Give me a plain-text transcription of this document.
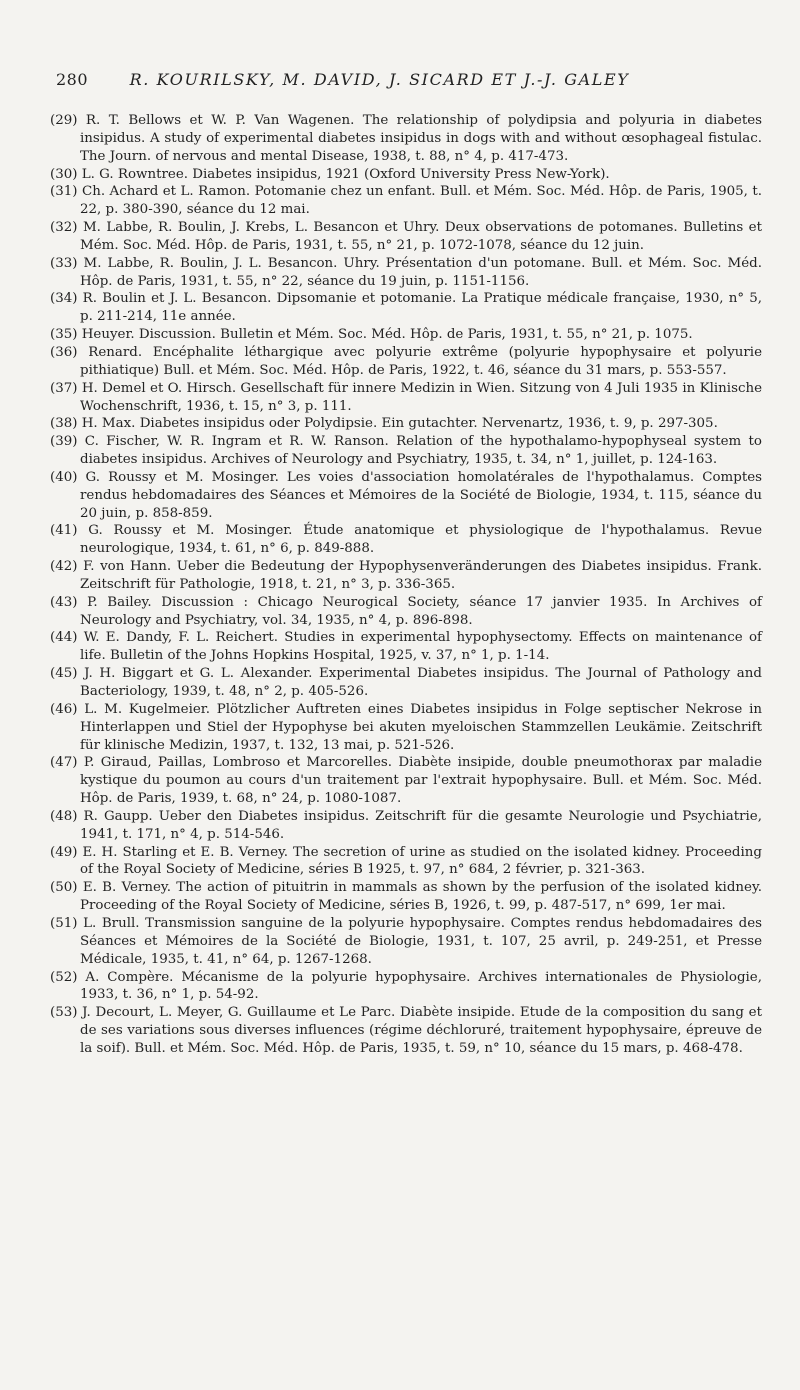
280	R. KOURILSKY, M. DAVID, J. SICARD ET J.-J. GALEY
(29) R. T. Bellows et W. P. Van Wagenen. The relationship of polydipsia and polyuria in diabetes insipidus. A study of experimental diabetes insipidus in dogs with and without œsophageal fistulac. The Journ. of nervous and mental Disease, 1938, t. 88, n° 4, p. 417-473.
(30) L. G. Rowntree. Diabetes insipidus, 1921 (Oxford University Press New-York).
(31) Ch. Achard et L. Ramon. Potomanie chez un enfant. Bull. et Mém. Soc. Méd. Hôp. de Paris, 1905, t. 22, p. 380-390, séance du 12 mai.
(32) M. Labbe, R. Boulin, J. Krebs, L. Besancon et Uhry. Deux observations de potomanes. Bulletins et Mém. Soc. Méd. Hôp. de Paris, 1931, t. 55, n° 21, p. 1072-1078, séance du 12 juin.
(33) M. Labbe, R. Boulin, J. L. Besancon. Uhry. Présentation d'un potomane. Bull. et Mém. Soc. Méd. Hôp. de Paris, 1931, t. 55, n° 22, séance du 19 juin, p. 1151-1156.
(34) R. Boulin et J. L. Besancon. Dipsomanie et potomanie. La Pratique médicale française, 1930, n° 5, p. 211-214, 11e année.
(35) Heuyer. Discussion. Bulletin et Mém. Soc. Méd. Hôp. de Paris, 1931, t. 55, n° 21, p. 1075.
(36) Renard. Encéphalite léthargique avec polyurie extrême (polyurie hypophysaire et polyurie pithiatique) Bull. et Mém. Soc. Méd. Hôp. de Paris, 1922, t. 46, séance du 31 mars, p. 553-557.
(37) H. Demel et O. Hirsch. Gesellschaft für innere Medizin in Wien. Sitzung von 4 Juli 1935 in Klinische Wochenschrift, 1936, t. 15, n° 3, p. 111.
(38) H. Max. Diabetes insipidus oder Polydipsie. Ein gutachter. Nervenartz, 1936, t. 9, p. 297-305.
(39) C. Fischer, W. R. Ingram et R. W. Ranson. Relation of the hypothalamo-hypophyseal system to diabetes insipidus. Archives of Neurology and Psychiatry, 1935, t. 34, n° 1, juillet, p. 124-163.
(40) G. Roussy et M. Mosinger. Les voies d'association homolatérales de l'hypothalamus. Comptes rendus hebdomadaires des Séances et Mémoires de la Société de Biologie, 1934, t. 115, séance du 20 juin, p. 858-859.
(41) G. Roussy et M. Mosinger. Étude anatomique et physiologique de l'hypothalamus. Revue neurologique, 1934, t. 61, n° 6, p. 849-888.
(42) F. von Hann. Ueber die Bedeutung der Hypophysenveränderungen des Diabetes insipidus. Frank. Zeitschrift für Pathologie, 1918, t. 21, n° 3, p. 336-365.
(43) P. Bailey. Discussion : Chicago Neurogical Society, séance 17 janvier 1935. In Archives of Neurology and Psychiatry, vol. 34, 1935, n° 4, p. 896-898.
(44) W. E. Dandy, F. L. Reichert. Studies in experimental hypophysectomy. Effects on maintenance of life. Bulletin of the Johns Hopkins Hospital, 1925, v. 37, n° 1, p. 1-14.
(45) J. H. Biggart et G. L. Alexander. Experimental Diabetes insipidus. The Journal of Pathology and Bacteriology, 1939, t. 48, n° 2, p. 405-526.
(46) L. M. Kugelmeier. Plötzlicher Auftreten eines Diabetes insipidus in Folge septischer Nekrose in Hinterlappen und Stiel der Hypophyse bei akuten myeloischen Stammzellen Leukämie. Zeitschrift für klinische Medizin, 1937, t. 132, 13 mai, p. 521-526.
(47) P. Giraud, Paillas, Lombroso et Marcorelles. Diabète insipide, double pneumothorax par maladie kystique du poumon au cours d'un traitement par l'extrait hypophysaire. Bull. et Mém. Soc. Méd. Hôp. de Paris, 1939, t. 68, n° 24, p. 1080-1087.
(48) R. Gaupp. Ueber den Diabetes insipidus. Zeitschrift für die gesamte Neurologie und Psychiatrie, 1941, t. 171, n° 4, p. 514-546.
(49) E. H. Starling et E. B. Verney. The secretion of urine as studied on the isolated kidney. Proceeding of the Royal Society of Medicine, séries B 1925, t. 97, n° 684, 2 février, p. 321-363.
(50) E. B. Verney. The action of pituitrin in mammals as shown by the perfusion of the isolated kidney. Proceeding of the Royal Society of Medicine, séries B, 1926, t. 99, p. 487-517, n° 699, 1er mai.
(51) L. Brull. Transmission sanguine de la polyurie hypophysaire. Comptes rendus hebdomadaires des Séances et Mémoires de la Société de Biologie, 1931, t. 107, 25 avril, p. 249-251, et Presse Médicale, 1935, t. 41, n° 64, p. 1267-1268.
(52) A. Compère. Mécanisme de la polyurie hypophysaire. Archives internationales de Physiologie, 1933, t. 36, n° 1, p. 54-92.
(53) J. Decourt, L. Meyer, G. Guillaume et Le Parc. Diabète insipide. Etude de la composition du sang et de ses variations sous diverses influences (régime déchloruré, traitement hypophysaire, épreuve de la soif). Bull. et Mém. Soc. Méd. Hôp. de Paris, 1935, t. 59, n° 10, séance du 15 mars, p. 468-478.
